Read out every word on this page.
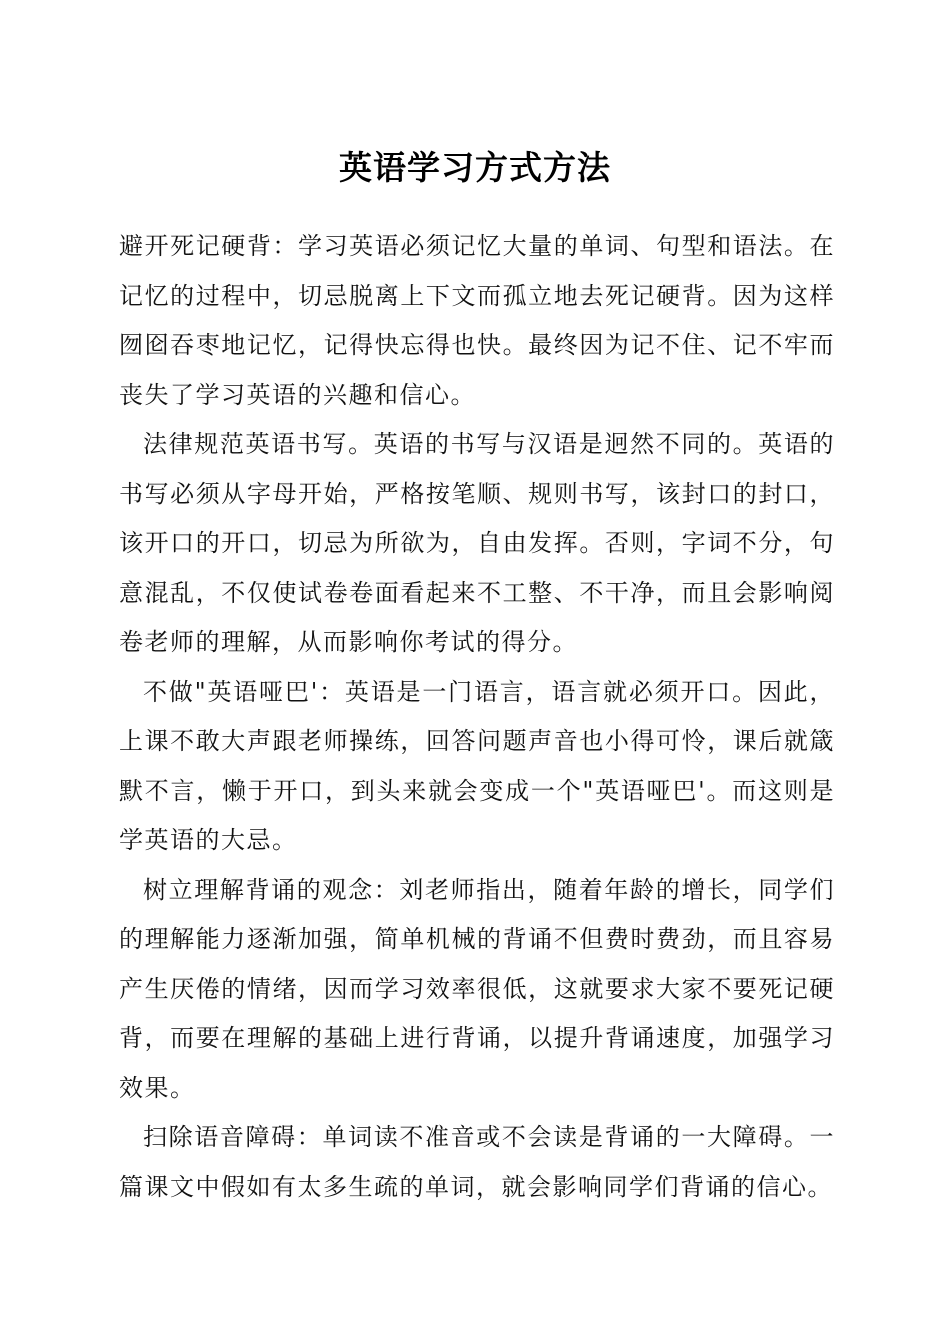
英语学习方式方法

避开死记硬背：学习英语必须记忆大量的单词、句型和语法。在记忆的过程中，切忌脱离上下文而孤立地去死记硬背。因为这样囫囵吞枣地记忆，记得快忘得也快。最终因为记不住、记不牢而丧失了学习英语的兴趣和信心。

法律规范英语书写。英语的书写与汉语是迥然不同的。英语的书写必须从字母开始，严格按笔顺、规则书写，该封口的封口，该开口的开口，切忌为所欲为，自由发挥。否则，字词不分，句意混乱，不仅使试卷卷面看起来不工整、不干净，而且会影响阅卷老师的理解，从而影响你考试的得分。

不做"英语哑巴'：英语是一门语言，语言就必须开口。因此，上课不敢大声跟老师操练，回答问题声音也小得可怜，课后就箴默不言，懒于开口，到头来就会变成一个"英语哑巴'。而这则是学英语的大忌。

树立理解背诵的观念：刘老师指出，随着年龄的增长，同学们的理解能力逐渐加强，简单机械的背诵不但费时费劲，而且容易产生厌倦的情绪，因而学习效率很低，这就要求大家不要死记硬背，而要在理解的基础上进行背诵，以提升背诵速度，加强学习效果。

扫除语音障碍：单词读不准音或不会读是背诵的一大障碍。一篇课文中假如有太多生疏的单词，就会影响同学们背诵的信心。
